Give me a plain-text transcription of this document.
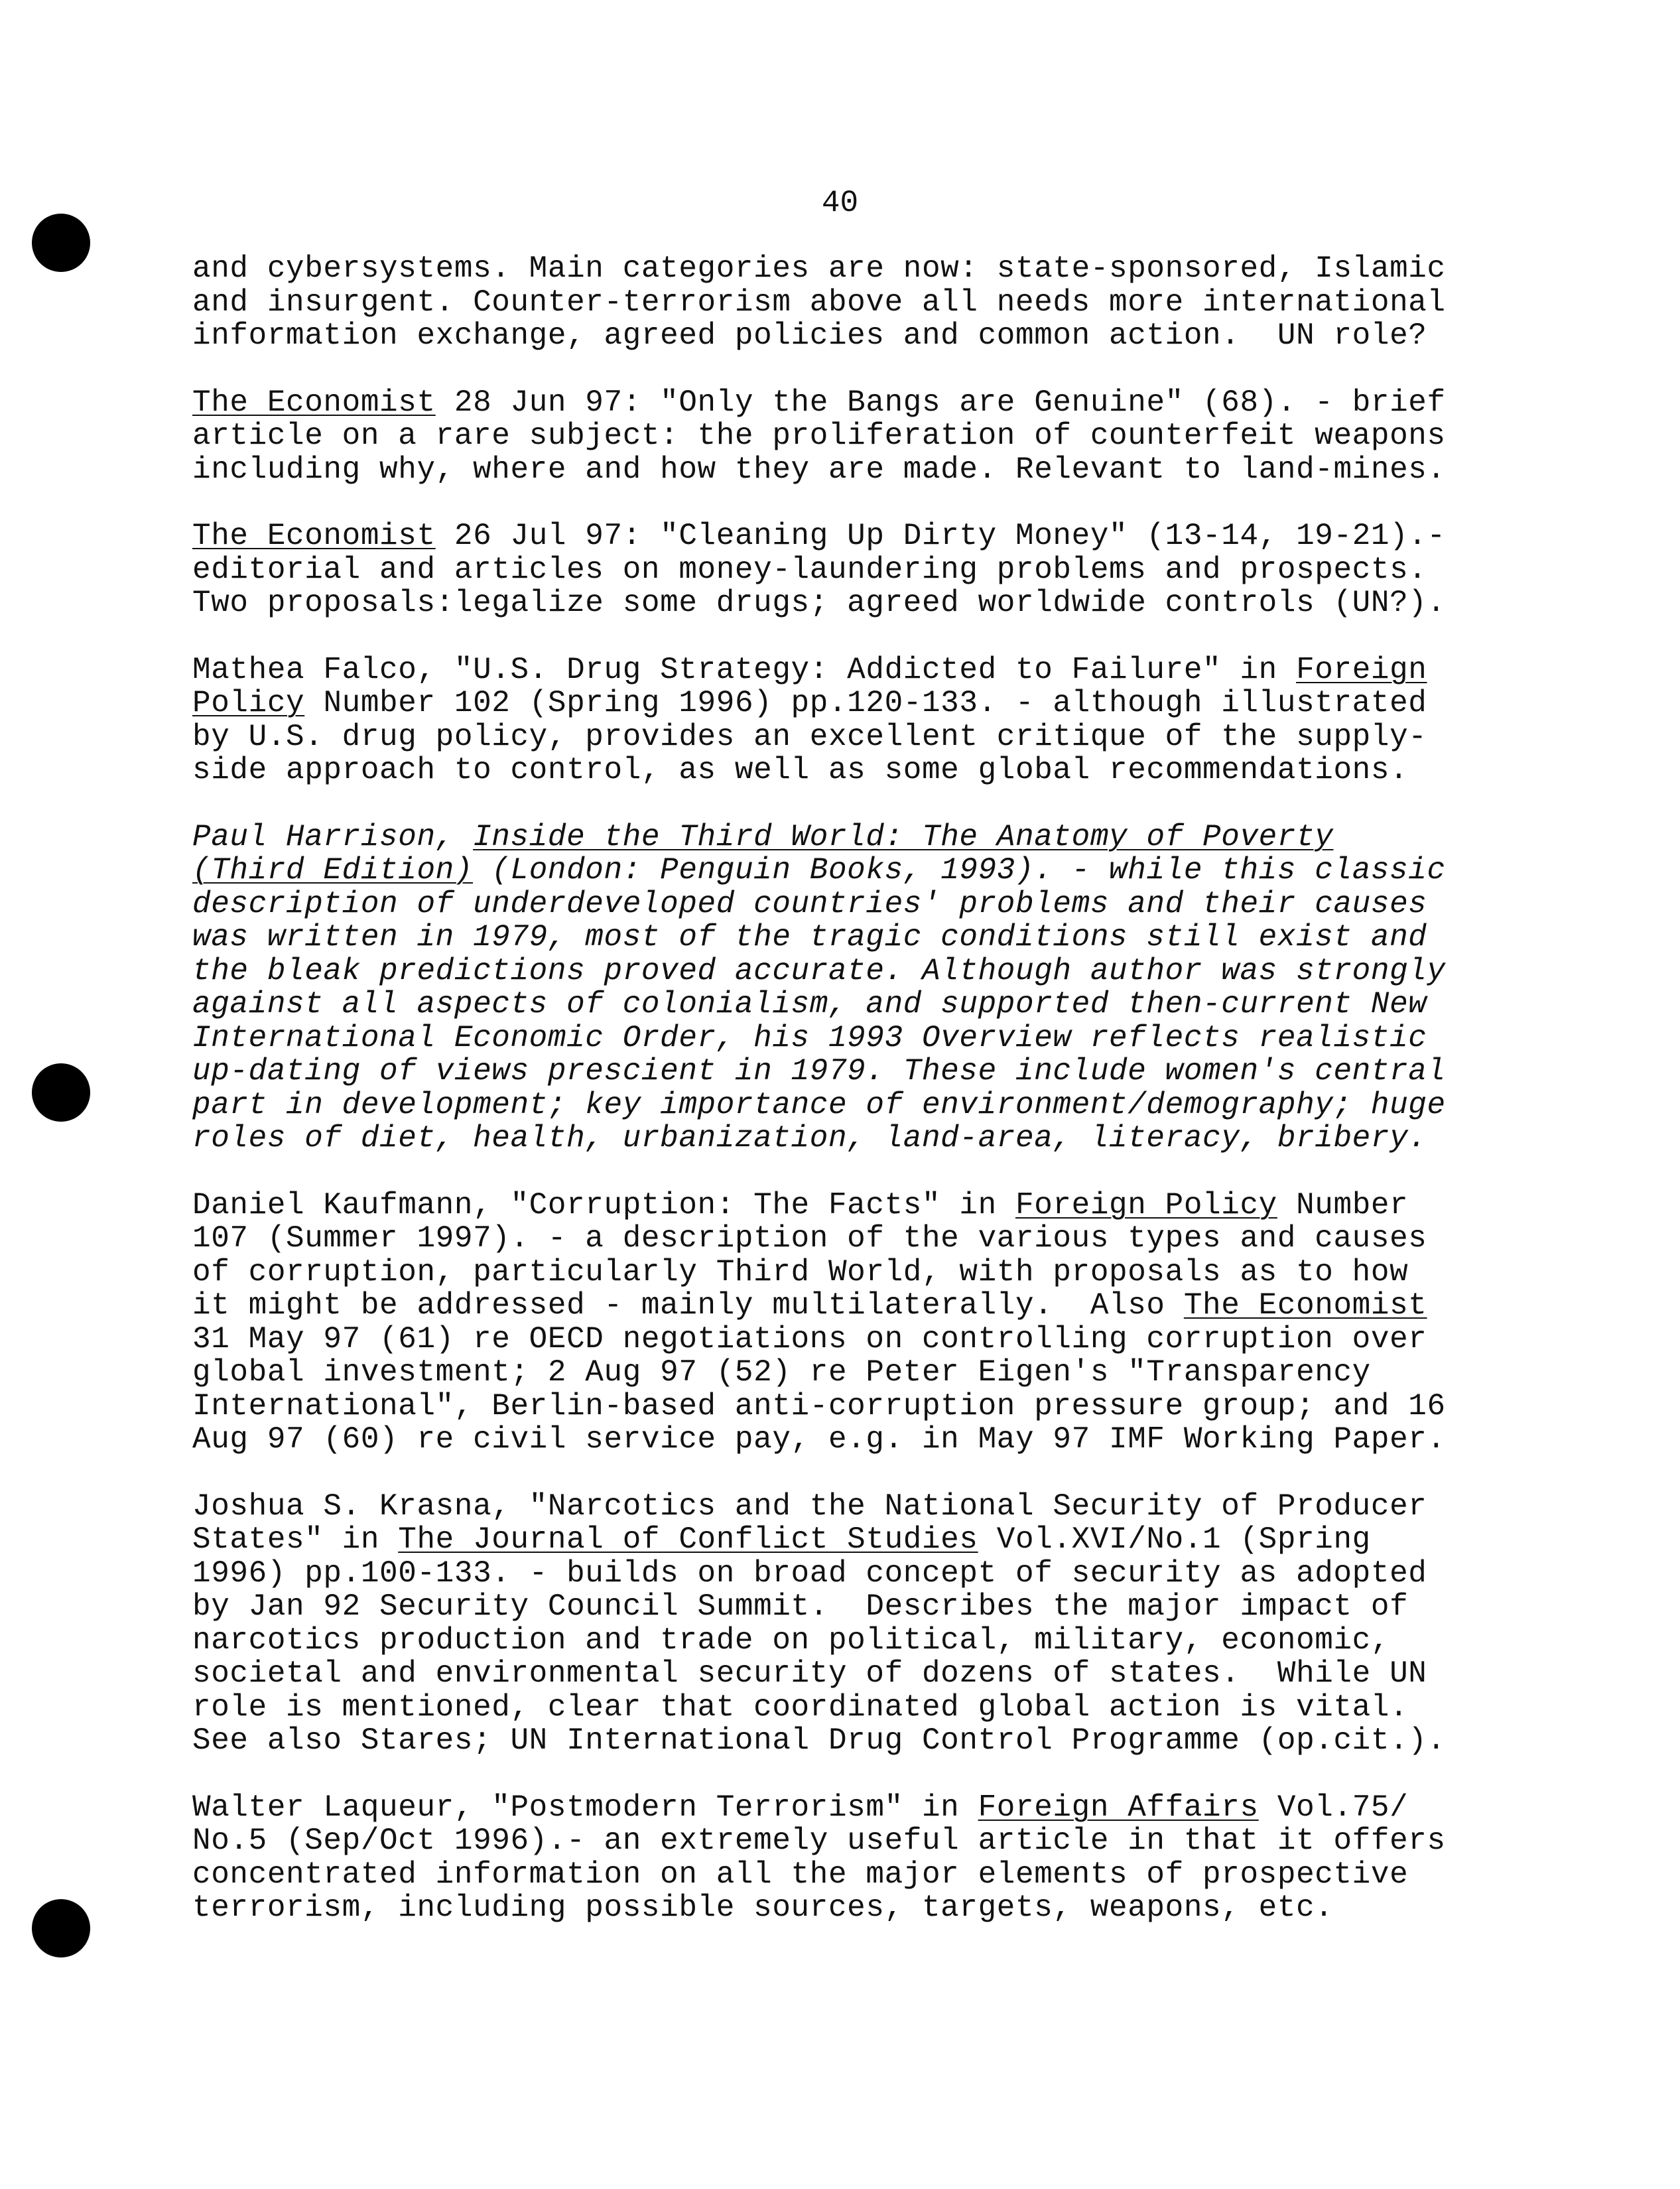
40
and cybersystems. Main categories are now: state-sponsored, Islamic
and insurgent. Counter-terrorism above all needs more international
information exchange, agreed policies and common action.  UN role?
The Economist 28 Jun 97: "Only the Bangs are Genuine" (68). - brief
article on a rare subject: the proliferation of counterfeit weapons
including why, where and how they are made. Relevant to land-mines.
The Economist 26 Jul 97: "Cleaning Up Dirty Money" (13-14, 19-21).-
editorial and articles on money-laundering problems and prospects.
Two proposals:legalize some drugs; agreed worldwide controls (UN?).
Mathea Falco, "U.S. Drug Strategy: Addicted to Failure" in Foreign
Policy Number 102 (Spring 1996) pp.120-133. - although illustrated
by U.S. drug policy, provides an excellent critique of the supply-
side approach to control, as well as some global recommendations.
Paul Harrison, Inside the Third World: The Anatomy of Poverty
(Third Edition) (London: Penguin Books, 1993). - while this classic
description of underdeveloped countries' problems and their causes
was written in 1979, most of the tragic conditions still exist and
the bleak predictions proved accurate. Although author was strongly
against all aspects of colonialism, and supported then-current New
International Economic Order, his 1993 Overview reflects realistic
up-dating of views prescient in 1979. These include women's central
part in development; key importance of environment/demography; huge
roles of diet, health, urbanization, land-area, literacy, bribery.
Daniel Kaufmann, "Corruption: The Facts" in Foreign Policy Number
107 (Summer 1997). - a description of the various types and causes
of corruption, particularly Third World, with proposals as to how
it might be addressed - mainly multilaterally.  Also The Economist
31 May 97 (61) re OECD negotiations on controlling corruption over
global investment; 2 Aug 97 (52) re Peter Eigen's "Transparency
International", Berlin-based anti-corruption pressure group; and 16
Aug 97 (60) re civil service pay, e.g. in May 97 IMF Working Paper.
Joshua S. Krasna, "Narcotics and the National Security of Producer
States" in The Journal of Conflict Studies Vol.XVI/No.1 (Spring
1996) pp.100-133. - builds on broad concept of security as adopted
by Jan 92 Security Council Summit.  Describes the major impact of
narcotics production and trade on political, military, economic,
societal and environmental security of dozens of states.  While UN
role is mentioned, clear that coordinated global action is vital.
See also Stares; UN International Drug Control Programme (op.cit.).
Walter Laqueur, "Postmodern Terrorism" in Foreign Affairs Vol.75/
No.5 (Sep/Oct 1996).- an extremely useful article in that it offers
concentrated information on all the major elements of prospective
terrorism, including possible sources, targets, weapons, etc.
